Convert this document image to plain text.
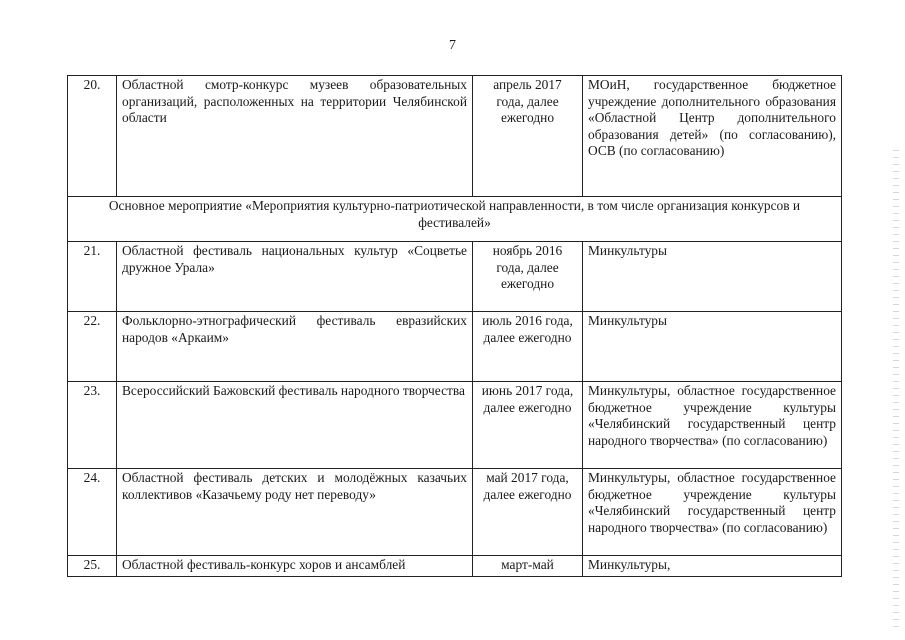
7
20.	Областной смотр-конкурс музеев образовательных организаций, расположенных на территории Челябинской области	апрель 2017 года, далее ежегодно	МОиН, государственное бюджетное учреждение дополнительного образования «Областной Центр дополнительного образования детей» (по согласованию), ОСВ (по согласованию)
Основное мероприятие «Мероприятия культурно-патриотической направленности, в том числе организация конкурсов и фестивалей»			
21.	Областной фестиваль национальных культур «Соцветье дружное Урала»	ноябрь 2016 года, далее ежегодно	Минкультуры
22.	Фольклорно-этнографический фестиваль евразийских народов «Аркаим»	июль 2016 года, далее ежегодно	Минкультуры
23.	Всероссийский Бажовский фестиваль народного творчества	июнь 2017 года, далее ежегодно	Минкультуры, областное государственное бюджетное учреждение культуры «Челябинский государственный центр народного творчества» (по согласованию)
24.	Областной фестиваль детских и молодёжных казачьих коллективов «Казачьему роду нет переводу»	май 2017 года, далее ежегодно	Минкультуры, областное государственное бюджетное учреждение культуры «Челябинский государственный центр народного творчества» (по согласованию)
25.	Областной фестиваль-конкурс хоров и ансамблей	март-май	Минкультуры,
